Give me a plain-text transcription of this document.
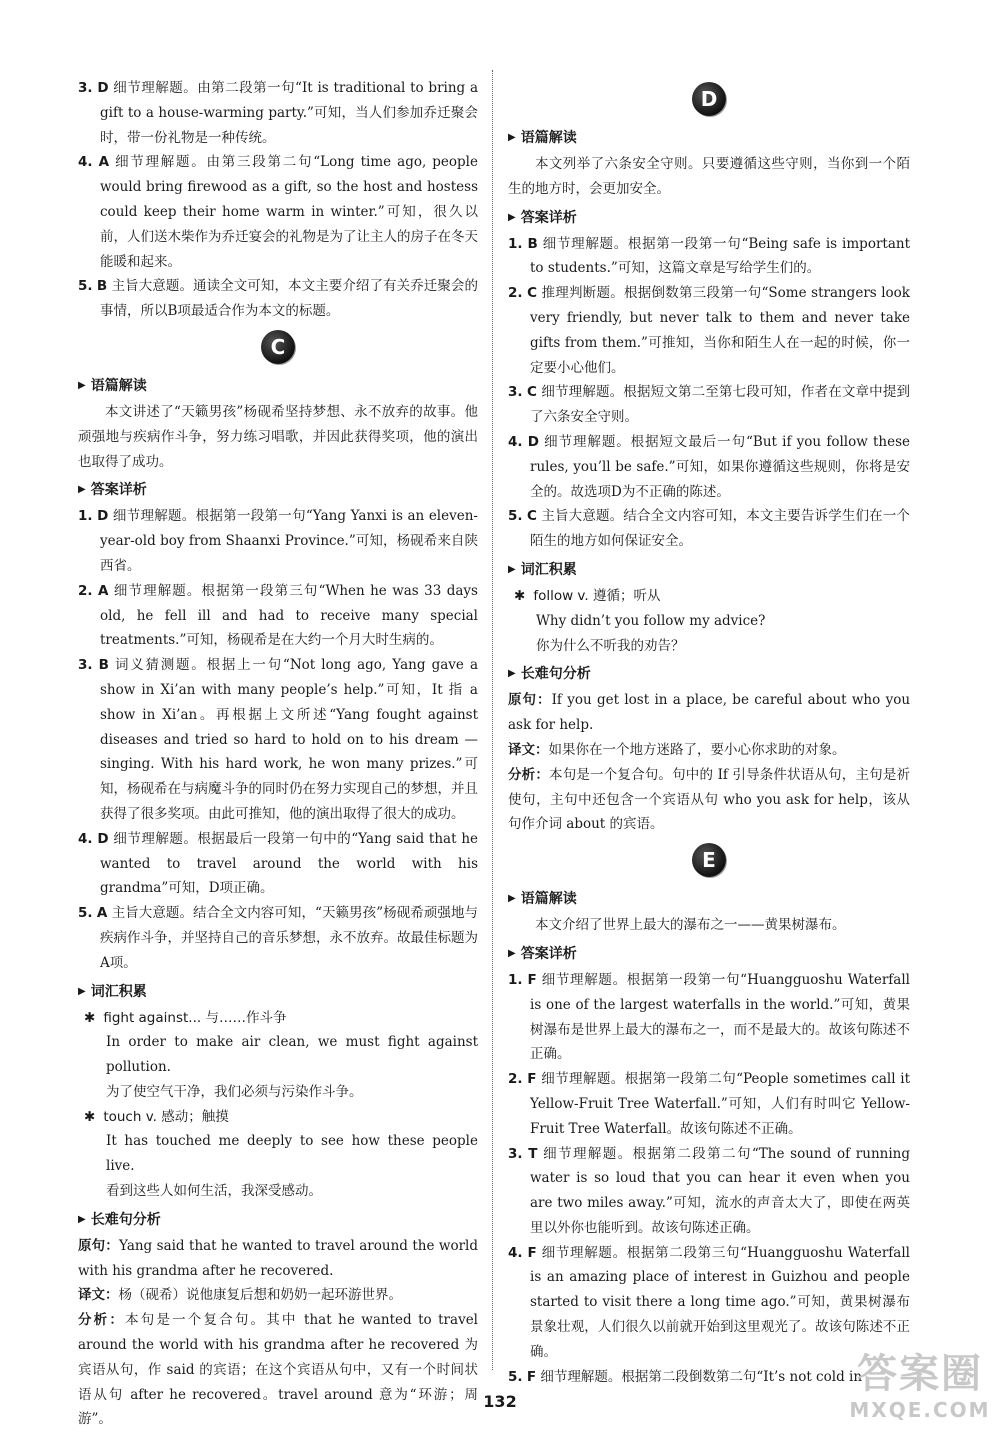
3. D 细节理解题。由第二段第一句“It is traditional to bring a gift to a house-warming party.”可知，当人们参加乔迁聚会时，带一份礼物是一种传统。

4. A 细节理解题。由第三段第二句“Long time ago, people would bring firewood as a gift, so the host and hostess could keep their home warm in winter.”可知，很久以前，人们送木柴作为乔迁宴会的礼物是为了让主人的房子在冬天能暖和起来。

5. B 主旨大意题。通读全文可知，本文主要介绍了有关乔迁聚会的事情，所以B项最适合作为本文的标题。

C
▶ 语篇解读

本文讲述了“天籁男孩”杨砚希坚持梦想、永不放弃的故事。他顽强地与疾病作斗争，努力练习唱歌，并因此获得奖项，他的演出也取得了成功。

▶ 答案详析

1. D 细节理解题。根据第一段第一句“Yang Yanxi is an eleven-year-old boy from Shaanxi Province.”可知，杨砚希来自陕西省。

2. A 细节理解题。根据第一段第三句“When he was 33 days old, he fell ill and had to receive many special treatments.”可知，杨砚希是在大约一个月大时生病的。

3. B 词义猜测题。根据上一句“Not long ago, Yang gave a show in Xi’an with many people’s help.”可知，It 指 a show in Xi’an。再根据上文所述“Yang fought against diseases and tried so hard to hold on to his dream — singing. With his hard work, he won many prizes.”可知，杨砚希在与病魔斗争的同时仍在努力实现自己的梦想，并且获得了很多奖项。由此可推知，他的演出取得了很大的成功。

4. D 细节理解题。根据最后一段第一句中的“Yang said that he wanted to travel around the world with his grandma”可知，D项正确。

5. A 主旨大意题。结合全文内容可知，“天籁男孩”杨砚希顽强地与疾病作斗争，并坚持自己的音乐梦想，永不放弃。故最佳标题为A项。

▶ 词汇积累
✱ fight against... 与……作斗争
In order to make air clean, we must fight against pollution.
为了使空气干净，我们必须与污染作斗争。
✱ touch v. 感动；触摸
It has touched me deeply to see how these people live.
看到这些人如何生活，我深受感动。
▶ 长难句分析

原句：Yang said that he wanted to travel around the world with his grandma after he recovered.

译文：杨（砚希）说他康复后想和奶奶一起环游世界。

分析：本句是一个复合句。其中 that he wanted to travel around the world with his grandma after he recovered 为宾语从句，作 said 的宾语；在这个宾语从句中，又有一个时间状语从句 after he recovered。travel around 意为“环游；周游”。

D
▶ 语篇解读

本文列举了六条安全守则。只要遵循这些守则，当你到一个陌生的地方时，会更加安全。

▶ 答案详析

1. B 细节理解题。根据第一段第一句“Being safe is important to students.”可知，这篇文章是写给学生们的。

2. C 推理判断题。根据倒数第三段第一句“Some strangers look very friendly, but never talk to them and never take gifts from them.”可推知，当你和陌生人在一起的时候，你一定要小心他们。

3. C 细节理解题。根据短文第二至第七段可知，作者在文章中提到了六条安全守则。

4. D 细节理解题。根据短文最后一句“But if you follow these rules, you’ll be safe.”可知，如果你遵循这些规则，你将是安全的。故选项D为不正确的陈述。

5. C 主旨大意题。结合全文内容可知，本文主要告诉学生们在一个陌生的地方如何保证安全。

▶ 词汇积累
✱ follow v. 遵循；听从
Why didn’t you follow my advice?
你为什么不听我的劝告？
▶ 长难句分析

原句：If you get lost in a place, be careful about who you ask for help.

译文：如果你在一个地方迷路了，要小心你求助的对象。

分析：本句是一个复合句。句中的 If 引导条件状语从句，主句是祈使句，主句中还包含一个宾语从句 who you ask for help，该从句作介词 about 的宾语。

E
▶ 语篇解读

本文介绍了世界上最大的瀑布之一——黄果树瀑布。

▶ 答案详析

1. F 细节理解题。根据第一段第一句“Huangguoshu Waterfall is one of the largest waterfalls in the world.”可知，黄果树瀑布是世界上最大的瀑布之一，而不是最大的。故该句陈述不正确。

2. F 细节理解题。根据第一段第二句“People sometimes call it Yellow-Fruit Tree Waterfall.”可知，人们有时叫它 Yellow-Fruit Tree Waterfall。故该句陈述不正确。

3. T 细节理解题。根据第二段第二句“The sound of running water is so loud that you can hear it even when you are two miles away.”可知，流水的声音太大了，即使在两英里以外你也能听到。故该句陈述正确。

4. F 细节理解题。根据第二段第三句“Huangguoshu Waterfall is an amazing place of interest in Guizhou and people started to visit there a long time ago.”可知，黄果树瀑布景象壮观，人们很久以前就开始到这里观光了。故该句陈述不正确。

5. F 细节理解题。根据第二段倒数第二句“It’s not cold in

132
答案圈
MXQE.COM
